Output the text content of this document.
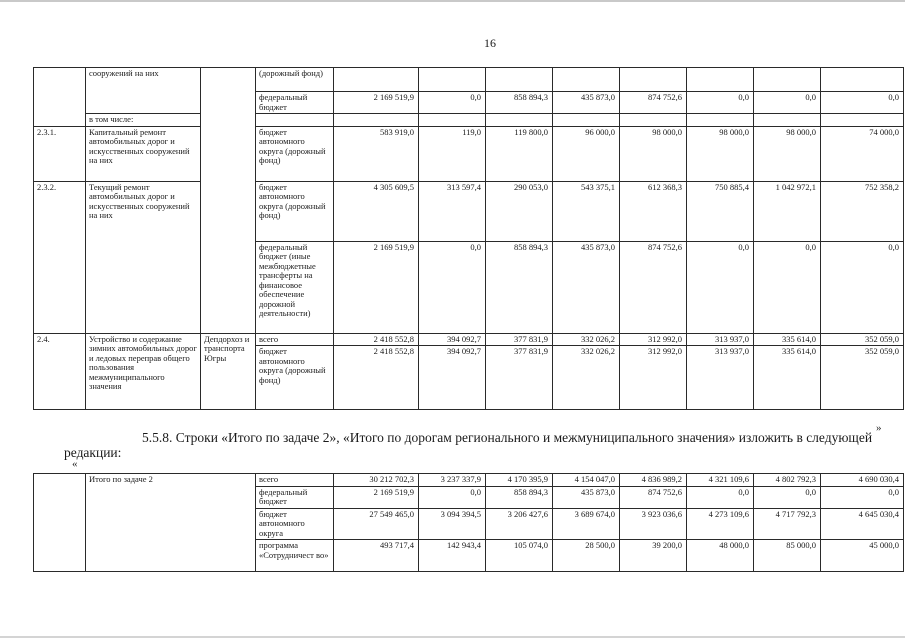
16
	сооружений на них		(дорожный фонд)								
			федеральный бюджет	2 169 519,9	0,0	858 894,3	435 873,0	874 752,6	0,0	0,0	0,0
	в том числе:										
2.3.1.	Капитальный ремонт автомобильных дорог и искусственных сооружений на них		бюджет автономного округа (дорожный фонд)	583 919,0	119,0	119 800,0	96 000,0	98 000,0	98 000,0	98 000,0	74 000,0
2.3.2.	Текущий ремонт автомобильных дорог и искусственных сооружений на них		бюджет автономного округа (дорожный фонд)	4 305 609,5	313 597,4	290 053,0	543 375,1	612 368,3	750 885,4	1 042 972,1	752 358,2
			федеральный бюджет (иные межбюджетные трансферты на финансовое обеспечение дорожной деятельности)	2 169 519,9	0,0	858 894,3	435 873,0	874 752,6	0,0	0,0	0,0
2.4.	Устройство и содержание зимних автомобильных дорог и ледовых переправ общего пользования межмуниципального значения	Депдорхоз и транспорта Югры	всего	2 418 552,8	394 092,7	377 831,9	332 026,2	312 992,0	313 937,0	335 614,0	352 059,0
			бюджет автономного округа (дорожный фонд)	2 418 552,8	394 092,7	377 831,9	332 026,2	312 992,0	313 937,0	335 614,0	352 059,0
»
5.5.8. Строки «Итого по задаче 2», «Итого по дорогам регионального и межмуниципального значения» изложить в следующей
редакции:
«
	Итого по задаче 2	всего	30 212 702,3	3 237 337,9	4 170 395,9	4 154 047,0	4 836 989,2	4 321 109,6	4 802 792,3	4 690 030,4
		федеральный бюджет	2 169 519,9	0,0	858 894,3	435 873,0	874 752,6	0,0	0,0	0,0
		бюджет автономного округа	27 549 465,0	3 094 394,5	3 206 427,6	3 689 674,0	3 923 036,6	4 273 109,6	4 717 792,3	4 645 030,4
		программа «Сотрудничест во»	493 717,4	142 943,4	105 074,0	28 500,0	39 200,0	48 000,0	85 000,0	45 000,0
